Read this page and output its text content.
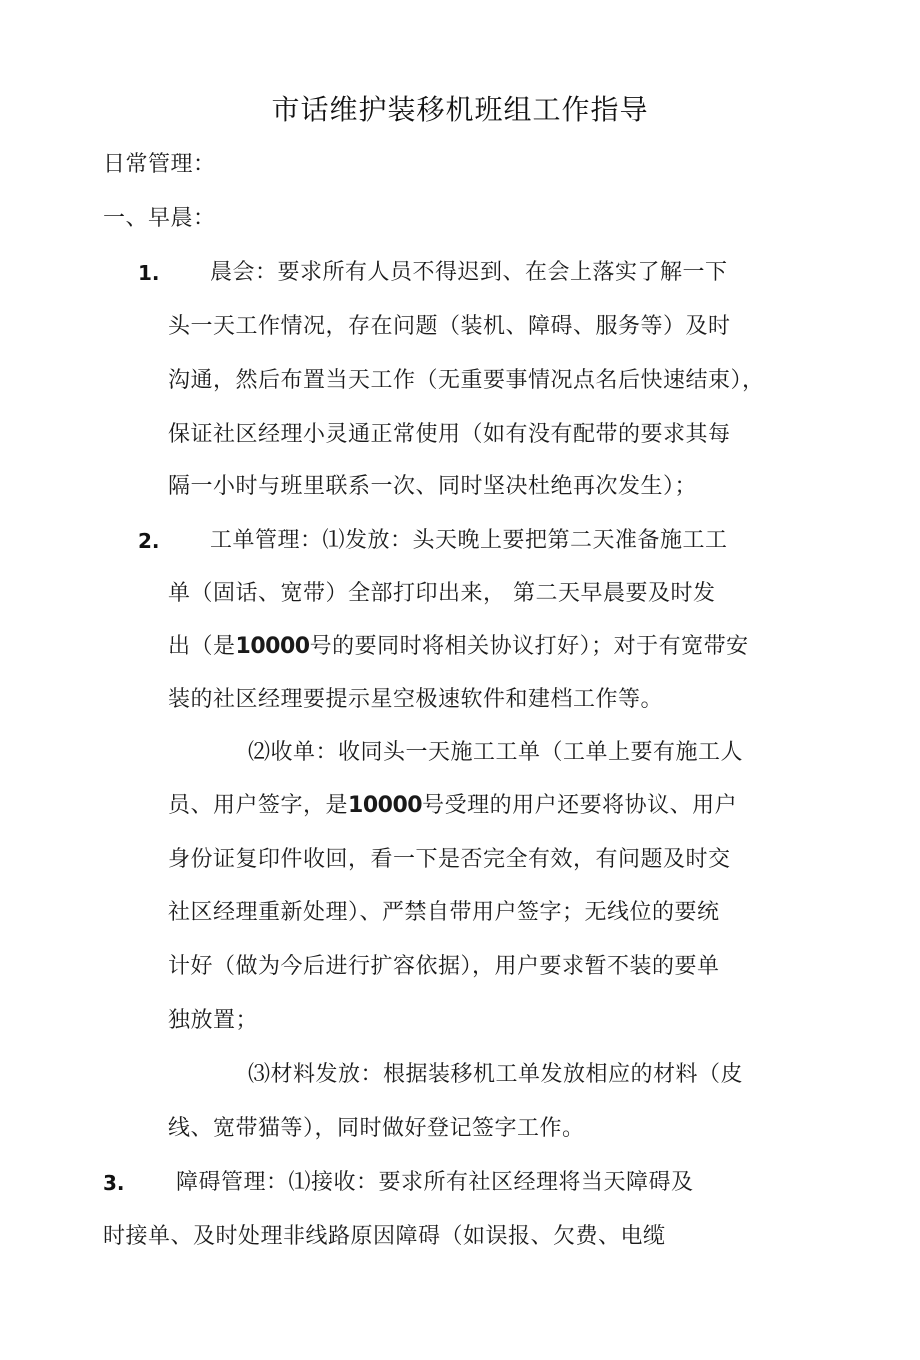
市话维护装移机班组工作指导
日常管理：
一、早晨：
1. 晨会：要求所有人员不得迟到、在会上落实了解一下
头一天工作情况，存在问题（装机、障碍、服务等）及时
沟通，然后布置当天工作（无重要事情况点名后快速结束），
保证社区经理小灵通正常使用（如有没有配带的要求其每
隔一小时与班里联系一次、同时坚决杜绝再次发生）；
2. 工单管理：⑴发放：头天晚上要把第二天准备施工工
单（固话、宽带）全部打印出来， 第二天早晨要及时发
出（是10000号的要同时将相关协议打好）；对于有宽带安
装的社区经理要提示星空极速软件和建档工作等。
⑵收单：收同头一天施工工单（工单上要有施工人
员、用户签字，是10000号受理的用户还要将协议、用户
身份证复印件收回，看一下是否完全有效，有问题及时交
社区经理重新处理）、严禁自带用户签字；无线位的要统
计好（做为今后进行扩容依据），用户要求暂不装的要单
独放置；
⑶材料发放：根据装移机工单发放相应的材料（皮
线、宽带猫等），同时做好登记签字工作。
3. 障碍管理：⑴接收：要求所有社区经理将当天障碍及
时接单、及时处理非线路原因障碍（如误报、欠费、电缆
